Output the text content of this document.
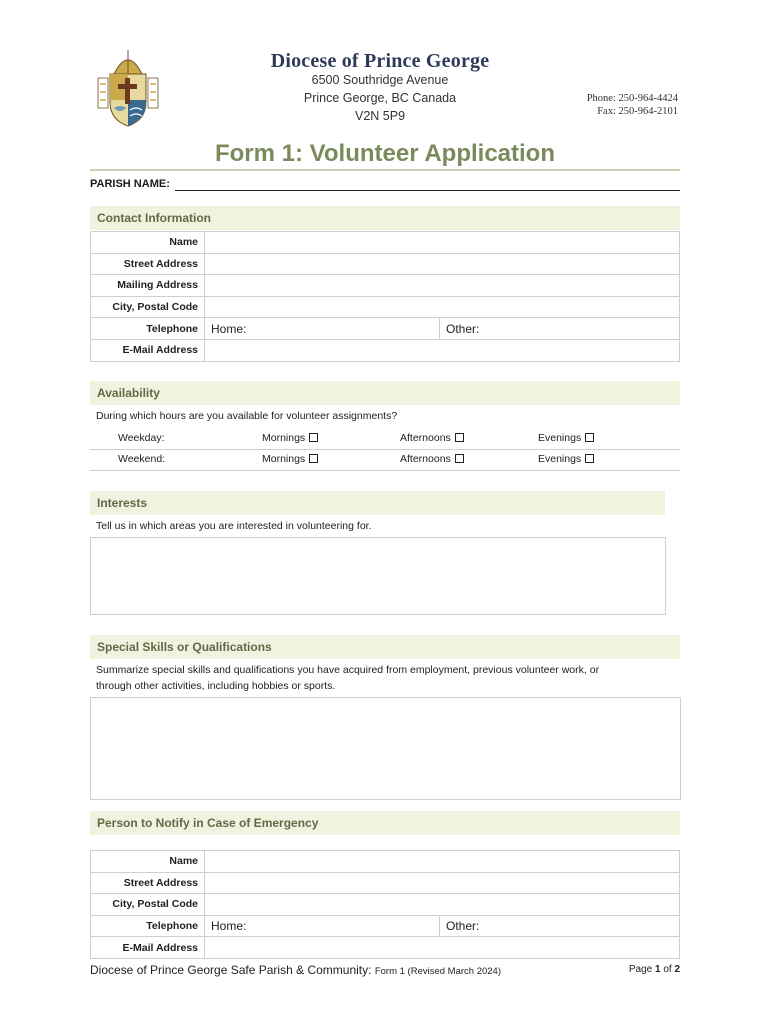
Diocese of Prince George
6500 Southridge Avenue
Prince George, BC Canada
V2N 5P9
Phone: 250-964-4424
Fax: 250-964-2101
Form 1: Volunteer Application
PARISH NAME:
Contact Information
Name		
Street Address		
Mailing Address		
City, Postal Code		
Telephone	Home:	Other:
E-Mail Address		
Availability
During which hours are you available for volunteer assignments?
Weekday:	Mornings	Afternoons	Evenings
Weekend:	Mornings	Afternoons	Evenings
Interests
Tell us in which areas you are interested in volunteering for.
Special Skills or Qualifications
Summarize special skills and qualifications you have acquired from employment, previous volunteer work, or
through other activities, including hobbies or sports.
Person to Notify in Case of Emergency
Name		
Street Address		
City, Postal Code		
Telephone	Home:	Other:
E-Mail Address		
Diocese of Prince George Safe Parish & Community: Form 1 (Revised March 2024)	Page 1 of 2
